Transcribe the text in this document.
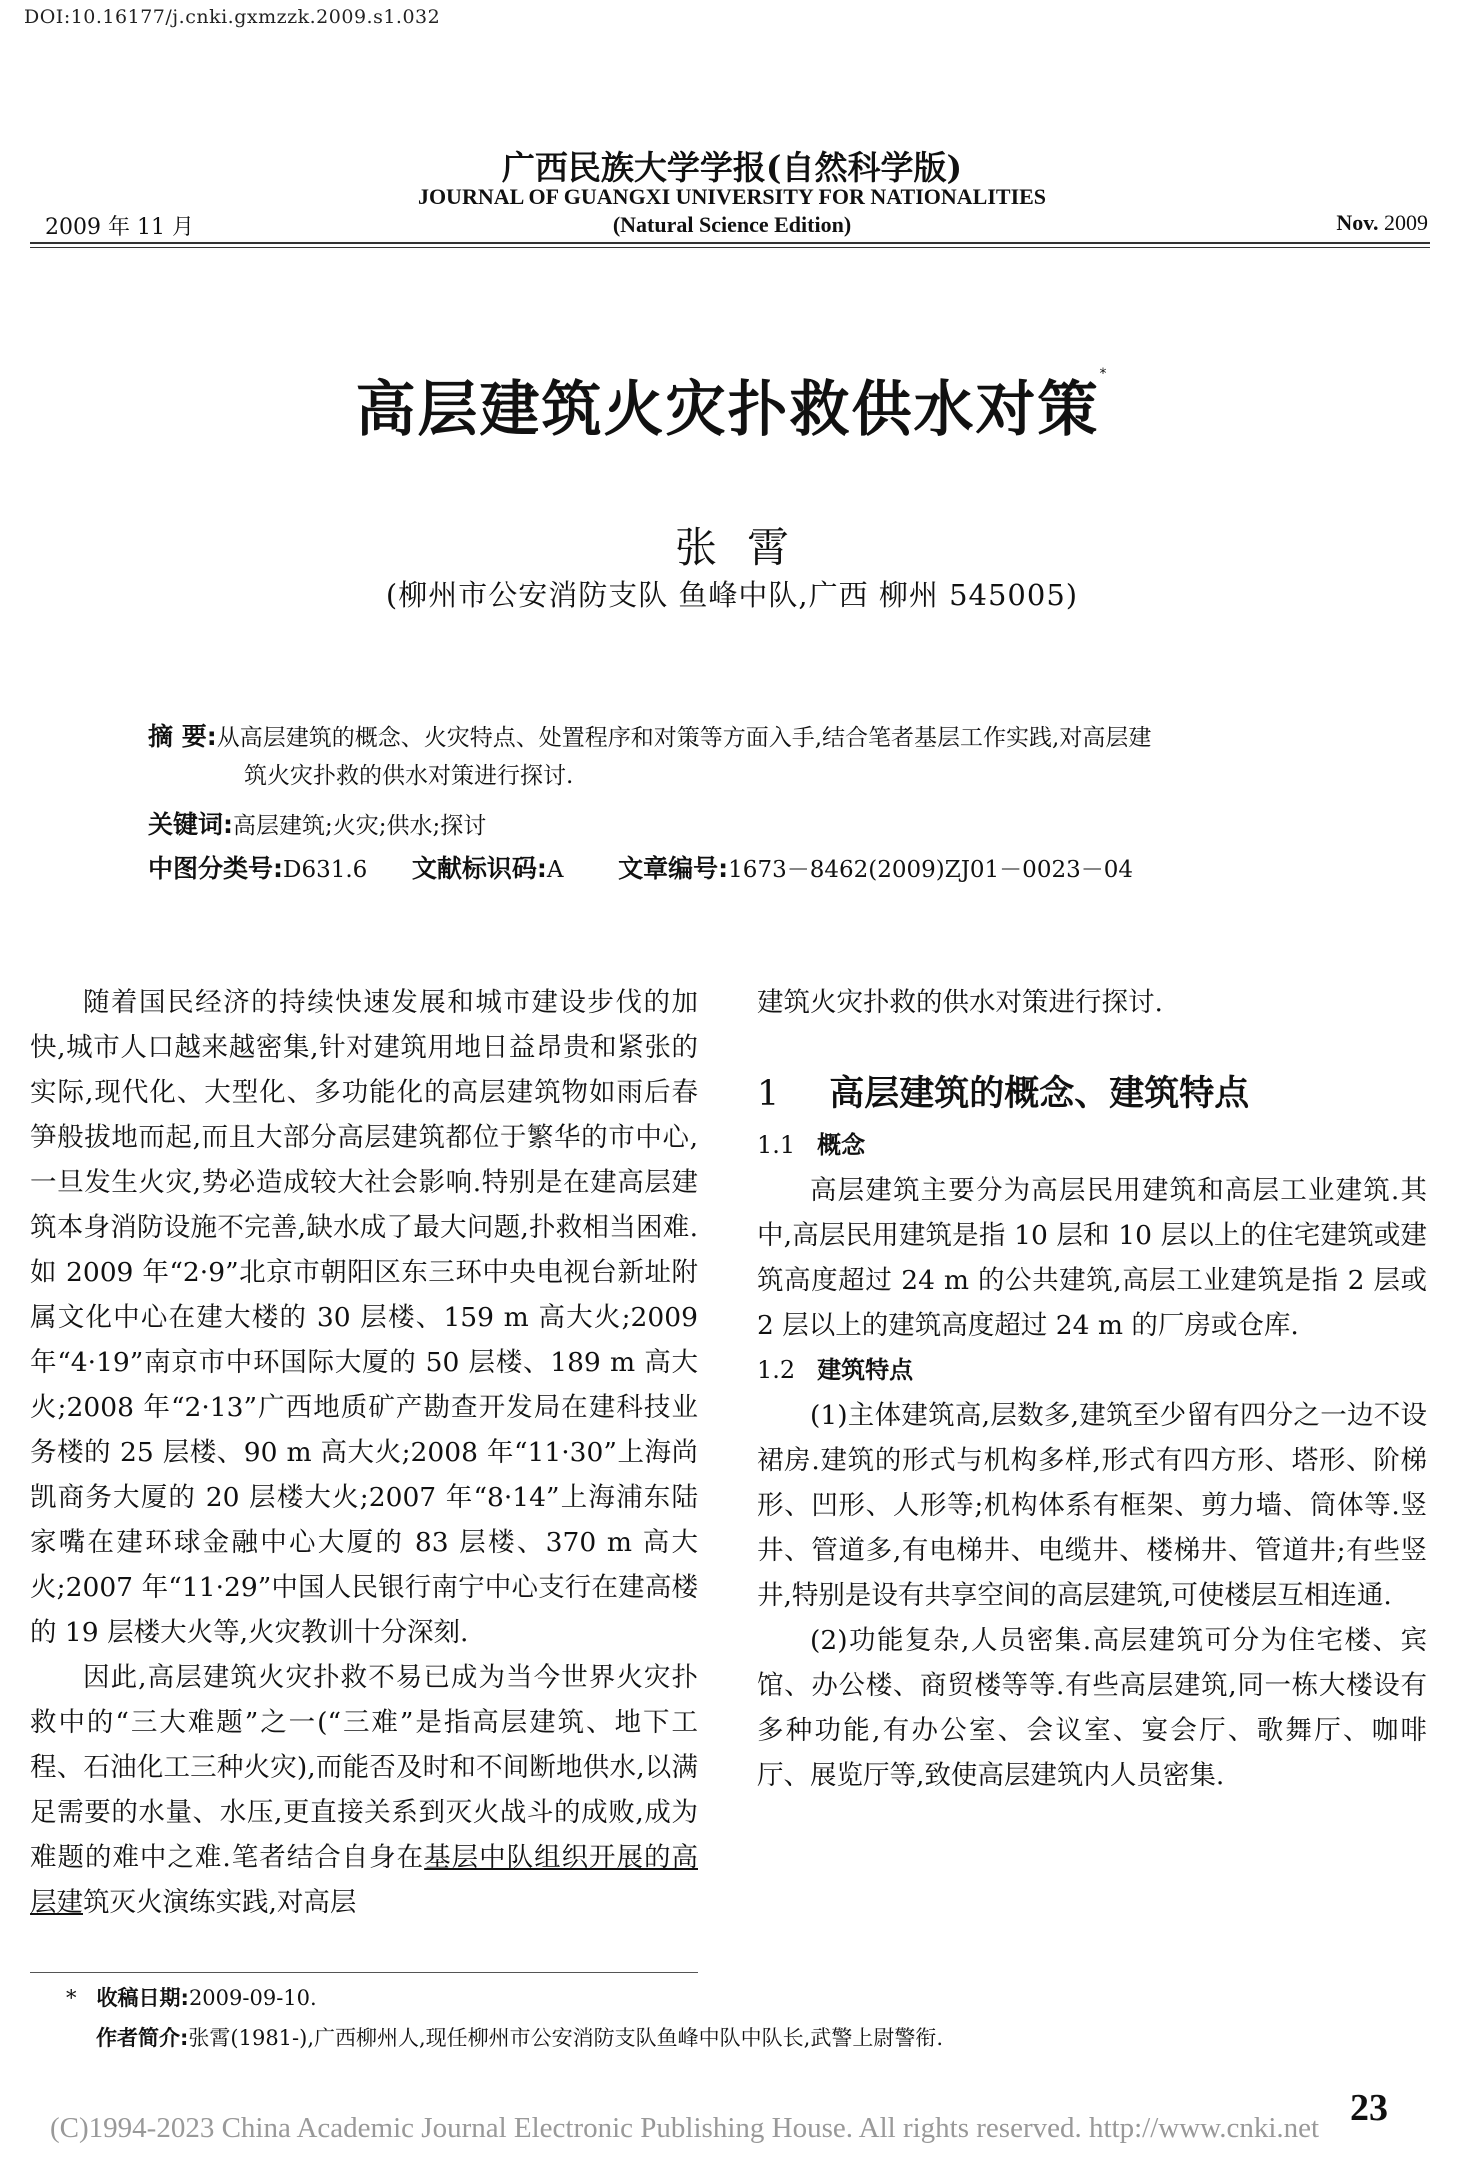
DOI:10.16177/j.cnki.gxmzzk.2009.s1.032
广西民族大学学报(自然科学版)
JOURNAL OF GUANGXI UNIVERSITY FOR NATIONALITIES
2009 年 11 月	(Natural Science Edition)	Nov. 2009
高层建筑火灾扑救供水对策*
张霄
(柳州市公安消防支队 鱼峰中队,广西 柳州 545005)
摘 要:从高层建筑的概念、火灾特点、处置程序和对策等方面入手,结合笔者基层工作实践,对高层建
筑火灾扑救的供水对策进行探讨.
关键词:高层建筑;火灾;供水;探讨
中图分类号:D631.6 文献标识码:A 文章编号:1673－8462(2009)ZJ01－0023－04

随着国民经济的持续快速发展和城市建设步伐的加快,城市人口越来越密集,针对建筑用地日益昂贵和紧张的实际,现代化、大型化、多功能化的高层建筑物如雨后春笋般拔地而起,而且大部分高层建筑都位于繁华的市中心,一旦发生火灾,势必造成较大社会影响.特别是在建高层建筑本身消防设施不完善,缺水成了最大问题,扑救相当困难.如 2009 年“2·9”北京市朝阳区东三环中央电视台新址附属文化中心在建大楼的 30 层楼、159 m 高大火;2009 年“4·19”南京市中环国际大厦的 50 层楼、189 m 高大火;2008 年“2·13”广西地质矿产勘查开发局在建科技业务楼的 25 层楼、90 m 高大火;2008 年“11·30”上海尚凯商务大厦的 20 层楼大火;2007 年“8·14”上海浦东陆家嘴在建环球金融中心大厦的 83 层楼、370 m 高大火;2007 年“11·29”中国人民银行南宁中心支行在建高楼的 19 层楼大火等,火灾教训十分深刻.

因此,高层建筑火灾扑救不易已成为当今世界火灾扑救中的“三大难题”之一(“三难”是指高层建筑、地下工程、石油化工三种火灾),而能否及时和不间断地供水,以满足需要的水量、水压,更直接关系到灭火战斗的成败,成为难题的难中之难.笔者结合自身在基层中队组织开展的高层建筑灭火演练实践,对高层

建筑火灾扑救的供水对策进行探讨.

1 高层建筑的概念、建筑特点
1.1 概念

高层建筑主要分为高层民用建筑和高层工业建筑.其中,高层民用建筑是指 10 层和 10 层以上的住宅建筑或建筑高度超过 24 m 的公共建筑,高层工业建筑是指 2 层或 2 层以上的建筑高度超过 24 m 的厂房或仓库.

1.2 建筑特点

(1)主体建筑高,层数多,建筑至少留有四分之一边不设裙房.建筑的形式与机构多样,形式有四方形、塔形、阶梯形、凹形、人形等;机构体系有框架、剪力墙、筒体等.竖井、管道多,有电梯井、电缆井、楼梯井、管道井;有些竖井,特别是设有共享空间的高层建筑,可使楼层互相连通.

(2)功能复杂,人员密集.高层建筑可分为住宅楼、宾馆、办公楼、商贸楼等等.有些高层建筑,同一栋大楼设有多种功能,有办公室、会议室、宴会厅、歌舞厅、咖啡厅、展览厅等,致使高层建筑内人员密集.

* 收稿日期:2009-09-10.
作者简介:张霄(1981-),广西柳州人,现任柳州市公安消防支队鱼峰中队中队长,武警上尉警衔.
23
(C)1994-2023 China Academic Journal Electronic Publishing House. All rights reserved. http://www.cnki.net
